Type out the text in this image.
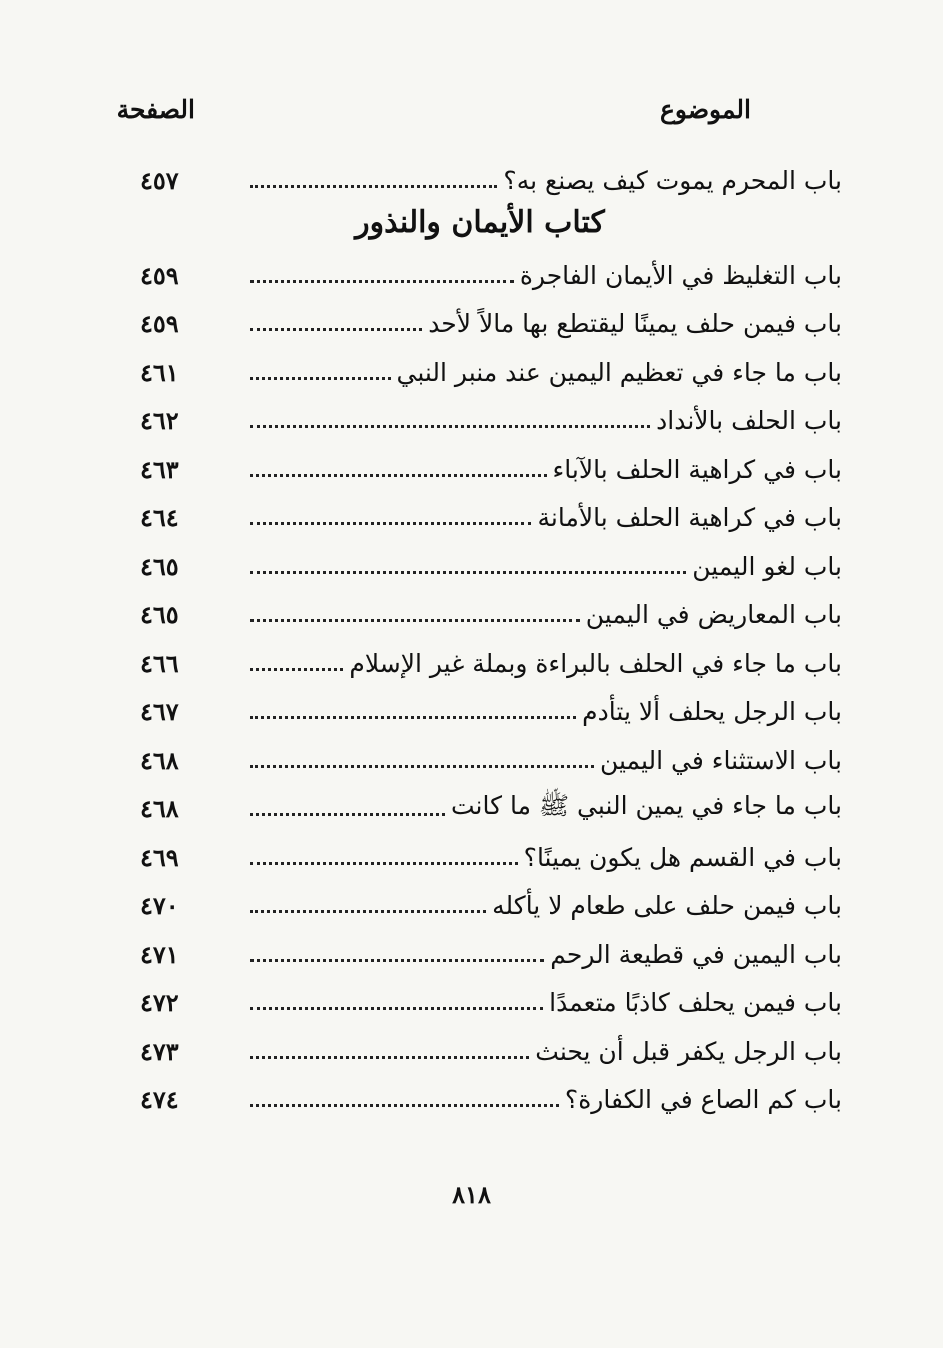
الموضوع
الصفحة
باب المحرم يموت كيف يصنع به؟
٤٥٧
كتاب الأيمان والنذور
باب التغليظ في الأيمان الفاجرة
٤٥٩
باب فيمن حلف يمينًا ليقتطع بها مالاً لأحد
٤٥٩
باب ما جاء في تعظيم اليمين عند منبر النبي
٤٦١
باب الحلف بالأنداد
٤٦٢
باب في كراهية الحلف بالآباء
٤٦٣
باب في كراهية الحلف بالأمانة
٤٦٤
باب لغو اليمين
٤٦٥
باب المعاريض في اليمين
٤٦٥
باب ما جاء في الحلف بالبراءة وبملة غير الإسلام
٤٦٦
باب الرجل يحلف ألا يتأدم
٤٦٧
باب الاستثناء في اليمين
٤٦٨
باب ما جاء في يمين النبي ﷺ ما كانت
٤٦٨
باب في القسم هل يكون يمينًا؟
٤٦٩
باب فيمن حلف على طعام لا يأكله
٤٧٠
باب اليمين في قطيعة الرحم
٤٧١
باب فيمن يحلف كاذبًا متعمدًا
٤٧٢
باب الرجل يكفر قبل أن يحنث
٤٧٣
باب كم الصاع في الكفارة؟
٤٧٤
٨١٨
